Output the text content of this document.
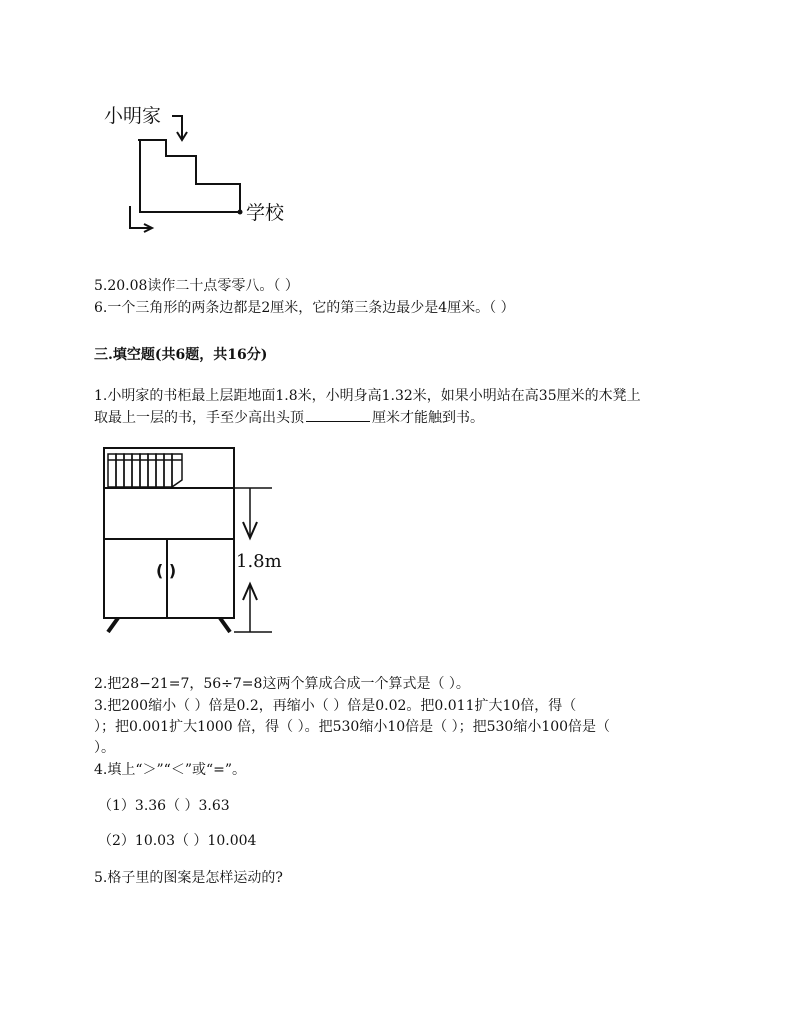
小明家
学校
5.20.08读作二十点零零八。（ ）
6.一个三角形的两条边都是2厘米，它的第三条边最少是4厘米。（ ）
三.填空题(共6题，共16分)
1.小明家的书柜最上层距地面1.8米，小明身高1.32米，如果小明站在高35厘米的木凳上
取最上一层的书，手至少高出头顶	厘米才能触到书。
( )	1.8m
2.把28−21=7，56÷7=8这两个算成合成一个算式是（ ）。
3.把200缩小（ ）倍是0.2，再缩小（ ）倍是0.02。把0.011扩大10倍，得（
）；把0.001扩大1000 倍，得（ ）。把530缩小10倍是（ ）；把530缩小100倍是（
）。
4.填上“＞”“＜”或“=”。
（1）3.36（ ）3.63
（2）10.03（ ）10.004
5.格子里的图案是怎样运动的?
